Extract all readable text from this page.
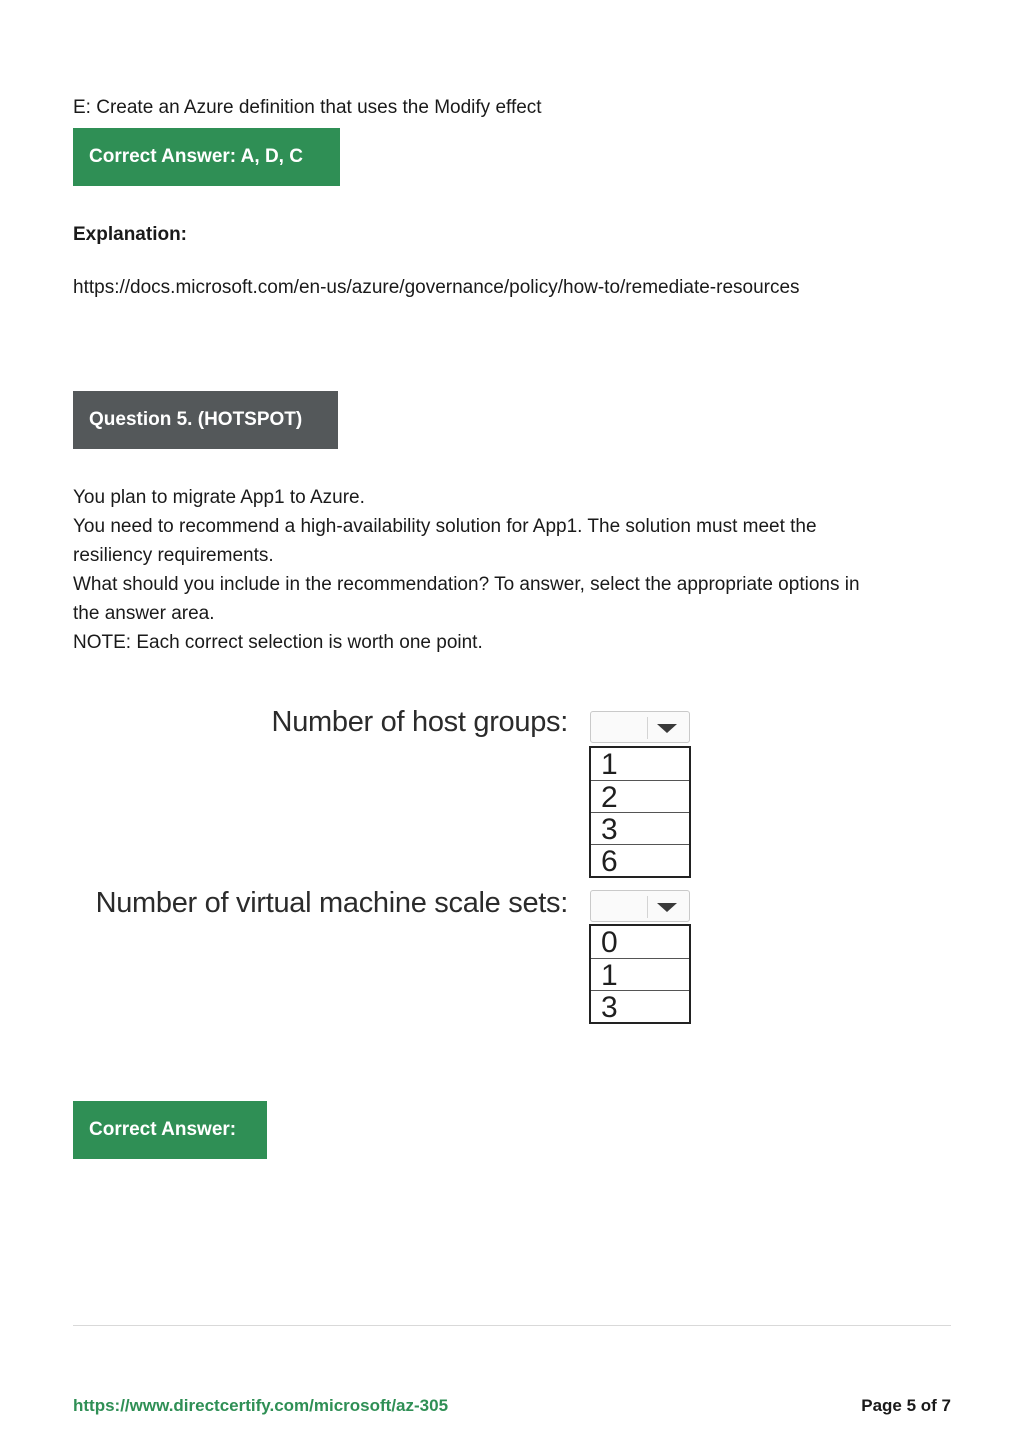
E: Create an Azure definition that uses the Modify effect
Correct Answer: A, D, C
Explanation:
https://docs.microsoft.com/en-us/azure/governance/policy/how-to/remediate-resources
Question 5. (HOTSPOT)
You plan to migrate App1 to Azure.
You need to recommend a high-availability solution for App1. The solution must meet the
resiliency requirements.
What should you include in the recommendation? To answer, select the appropriate options in
the answer area.
NOTE: Each correct selection is worth one point.
Number of host groups:
1
2
3
6
Number of virtual machine scale sets:
0
1
3
Correct Answer:
https://www.directcertify.com/microsoft/az-305	Page 5 of 7
